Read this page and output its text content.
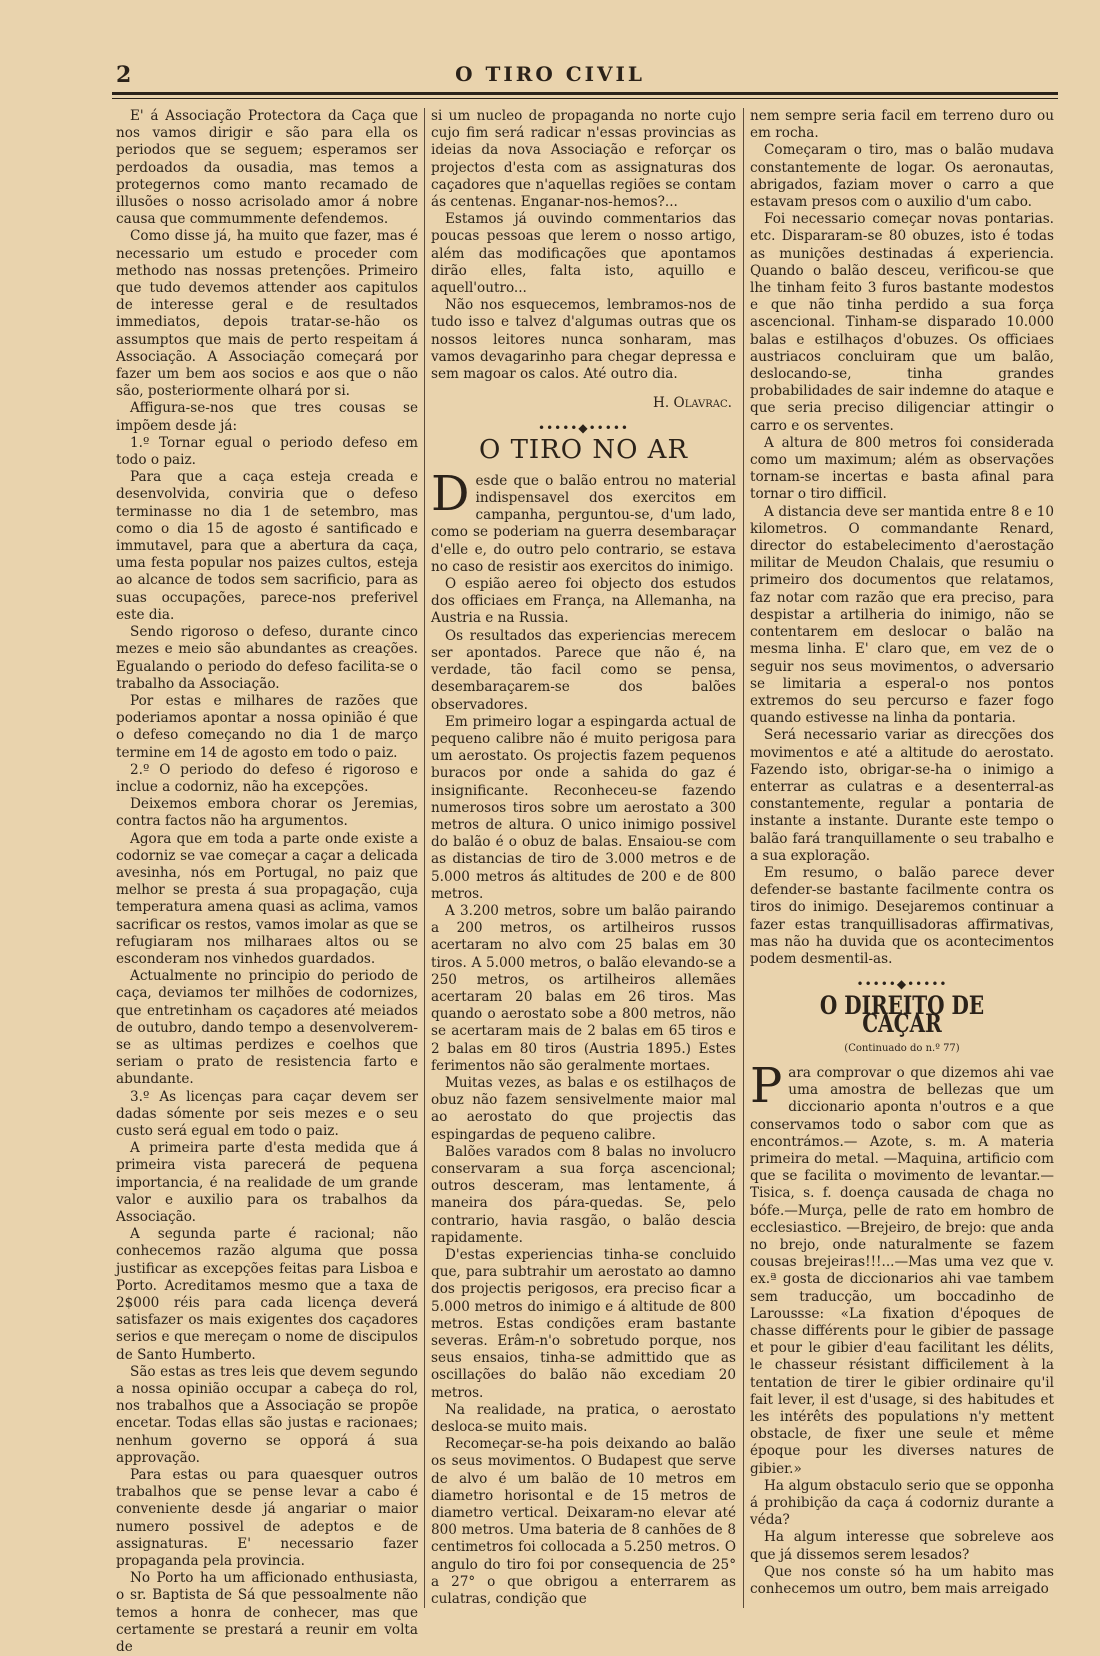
2	O TIRO CIVIL

E' á Associação Protectora da Caça que nos vamos dirigir e são para ella os periodos que se seguem; esperamos ser perdoados da ousadia, mas temos a protegernos como manto recamado de illusões o nosso acrisolado amor á nobre causa que commummente defendemos.

Como disse já, ha muito que fazer, mas é necessario um estudo e proceder com methodo nas nossas pretenções. Primeiro que tudo devemos attender aos capitulos de interesse geral e de resultados immediatos, depois tratar-se-hão os assumptos que mais de perto respeitam á Associação. A Associação começará por fazer um bem aos socios e aos que o não são, posteriormente olhará por si.

Affigura-se-nos que tres cousas se impõem desde já:

1.º Tornar egual o periodo defeso em todo o paiz.

Para que a caça esteja creada e desenvolvida, conviria que o defeso terminasse no dia 1 de setembro, mas como o dia 15 de agosto é santificado e immutavel, para que a abertura da caça, uma festa popular nos paizes cultos, esteja ao alcance de todos sem sacrificio, para as suas occupações, parece-nos preferivel este dia.

Sendo rigoroso o defeso, durante cinco mezes e meio são abundantes as creações. Egualando o periodo do defeso facilita-se o trabalho da Associação.

Por estas e milhares de razões que poderiamos apontar a nossa opinião é que o defeso começando no dia 1 de março termine em 14 de agosto em todo o paiz.

2.º O periodo do defeso é rigoroso e inclue a codorniz, não ha excepções.

Deixemos embora chorar os Jeremias, contra factos não ha argumentos.

Agora que em toda a parte onde existe a codorniz se vae começar a caçar a delicada avesinha, nós em Portugal, no paiz que melhor se presta á sua propagação, cuja temperatura amena quasi as aclima, vamos sacrificar os restos, vamos imolar as que se refugiaram nos milharaes altos ou se esconderam nos vinhedos guardados.

Actualmente no principio do periodo de caça, deviamos ter milhões de codornizes, que entretinham os caçadores até meiados de outubro, dando tempo a desenvolverem-se as ultimas perdizes e coelhos que seriam o prato de resistencia farto e abundante.

3.º As licenças para caçar devem ser dadas sómente por seis mezes e o seu custo será egual em todo o paiz.

A primeira parte d'esta medida que á primeira vista parecerá de pequena importancia, é na realidade de um grande valor e auxilio para os trabalhos da Associação.

A segunda parte é racional; não conhecemos razão alguma que possa justificar as excepções feitas para Lisboa e Porto. Acreditamos mesmo que a taxa de 2$000 réis para cada licença deverá satisfazer os mais exigentes dos caçadores serios e que mereçam o nome de discipulos de Santo Humberto.

São estas as tres leis que devem segundo a nossa opinião occupar a cabeça do rol, nos trabalhos que a Associação se propõe encetar. Todas ellas são justas e racionaes; nenhum governo se opporá á sua approvação.

Para estas ou para quaesquer outros trabalhos que se pense levar a cabo é conveniente desde já angariar o maior numero possivel de adeptos e de assignaturas. E' necessario fazer propaganda pela provincia.

No Porto ha um afficionado enthusiasta, o sr. Baptista de Sá que pessoalmente não temos a honra de conhecer, mas que certamente se prestará a reunir em volta de

si um nucleo de propaganda no norte cujo cujo fim será radicar n'essas provincias as ideias da nova Associação e reforçar os projectos d'esta com as assignaturas dos caçadores que n'aquellas regiões se contam ás centenas. Enganar-nos-hemos?...

Estamos já ouvindo commentarios das poucas pessoas que lerem o nosso artigo, além das modificações que apontamos dirão elles, falta isto, aquillo e aquell'outro...

Não nos esquecemos, lembramos-nos de tudo isso e talvez d'algumas outras que os nossos leitores nunca sonharam, mas vamos devagarinho para chegar depressa e sem magoar os calos. Até outro dia.

H. Olavrac.

•••••◆•••••
O TIRO NO AR

Desde que o balão entrou no material indispensavel dos exercitos em campanha, perguntou-se, d'um lado, como se poderiam na guerra desembaraçar d'elle e, do outro pelo contrario, se estava no caso de resistir aos exercitos do inimigo.

O espião aereo foi objecto dos estudos dos officiaes em França, na Allemanha, na Austria e na Russia.

Os resultados das experiencias merecem ser apontados. Parece que não é, na verdade, tão facil como se pensa, desembaraçarem-se dos balões observadores.

Em primeiro logar a espingarda actual de pequeno calibre não é muito perigosa para um aerostato. Os projectis fazem pequenos buracos por onde a sahida do gaz é insignificante. Reconheceu-se fazendo numerosos tiros sobre um aerostato a 300 metros de altura. O unico inimigo possivel do balão é o obuz de balas. Ensaiou-se com as distancias de tiro de 3.000 metros e de 5.000 metros ás altitudes de 200 e de 800 metros.

A 3.200 metros, sobre um balão pairando a 200 metros, os artilheiros russos acertaram no alvo com 25 balas em 30 tiros. A 5.000 metros, o balão elevando-se a 250 metros, os artilheiros allemães acertaram 20 balas em 26 tiros. Mas quando o aerostato sobe a 800 metros, não se acertaram mais de 2 balas em 65 tiros e 2 balas em 80 tiros (Austria 1895.) Estes ferimentos não são geralmente mortaes.

Muitas vezes, as balas e os estilhaços de obuz não fazem sensivelmente maior mal ao aerostato do que projectis das espingardas de pequeno calibre.

Balões varados com 8 balas no involucro conservaram a sua força ascencional; outros desceram, mas lentamente, á maneira dos pára-quedas. Se, pelo contrario, havia rasgão, o balão descia rapidamente.

D'estas experiencias tinha-se concluido que, para subtrahir um aerostato ao damno dos projectis perigosos, era preciso ficar a 5.000 metros do inimigo e á altitude de 800 metros. Estas condições eram bastante severas. Erâm-n'o sobretudo porque, nos seus ensaios, tinha-se admittido que as oscillações do balão não excediam 20 metros.

Na realidade, na pratica, o aerostato desloca-se muito mais.

Recomeçar-se-ha pois deixando ao balão os seus movimentos. O Budapest que serve de alvo é um balão de 10 metros em diametro horisontal e de 15 metros de diametro vertical. Deixaram-no elevar até 800 metros. Uma bateria de 8 canhões de 8 centimetros foi collocada a 5.250 metros. O angulo do tiro foi por consequencia de 25° a 27° o que obrigou a enterrarem as culatras, condição que

nem sempre seria facil em terreno duro ou em rocha.

Começaram o tiro, mas o balão mudava constantemente de logar. Os aeronautas, abrigados, faziam mover o carro a que estavam presos com o auxilio d'um cabo.

Foi necessario começar novas pontarias. etc. Dispararam-se 80 obuzes, isto é todas as munições destinadas á experiencia. Quando o balão desceu, verificou-se que lhe tinham feito 3 furos bastante modestos e que não tinha perdido a sua força ascencional. Tinham-se disparado 10.000 balas e estilhaços d'obuzes. Os officiaes austriacos concluiram que um balão, deslocando-se, tinha grandes probabilidades de sair indemne do ataque e que seria preciso diligenciar attingir o carro e os serventes.

A altura de 800 metros foi considerada como um maximum; além as observações tornam-se incertas e basta afinal para tornar o tiro difficil.

A distancia deve ser mantida entre 8 e 10 kilometros. O commandante Renard, director do estabelecimento d'aerostação militar de Meudon Chalais, que resumiu o primeiro dos documentos que relatamos, faz notar com razão que era preciso, para despistar a artilheria do inimigo, não se contentarem em deslocar o balão na mesma linha. E' claro que, em vez de o seguir nos seus movimentos, o adversario se limitaria a esperal-o nos pontos extremos do seu percurso e fazer fogo quando estivesse na linha da pontaria.

Será necessario variar as direcções dos movimentos e até a altitude do aerostato. Fazendo isto, obrigar-se-ha o inimigo a enterrar as culatras e a desenterral-as constantemente, regular a pontaria de instante a instante. Durante este tempo o balão fará tranquillamente o seu trabalho e a sua exploração.

Em resumo, o balão parece dever defender-se bastante facilmente contra os tiros do inimigo. Desejaremos continuar a fazer estas tranquillisadoras affirmativas, mas não ha duvida que os acontecimentos podem desmentil-as.

•••••◆•••••
O DIREITO DE CAÇAR
(Continuado do n.º 77)

Para comprovar o que dizemos ahi vae uma amostra de bellezas que um diccionario aponta n'outros e a que conservamos todo o sabor com que as encontrámos.— Azote, s. m. A materia primeira do metal. —Maquina, artificio com que se facilita o movimento de levantar.— Tisica, s. f. doença causada de chaga no bófe.—Murça, pelle de rato em hombro de ecclesiastico. —Brejeiro, de brejo: que anda no brejo, onde naturalmente se fazem cousas brejeiras!!!...—Mas uma vez que v. ex.ª gosta de diccionarios ahi vae tambem sem traducção, um boccadinho de Laroussse: «La fixation d'époques de chasse différents pour le gibier de passage et pour le gibier d'eau facilitant les délits, le chasseur résistant difficilement à la tentation de tirer le gibier ordinaire qu'il fait lever, il est d'usage, si des habitudes et les intérêts des populations n'y mettent obstacle, de fixer une seule et même époque pour les diverses natures de gibier.»

Ha algum obstaculo serio que se opponha á prohibição da caça á codorniz durante a véda?

Ha algum interesse que sobreleve aos que já dissemos serem lesados?

Que nos conste só ha um habito mas conhecemos um outro, bem mais arreigado
